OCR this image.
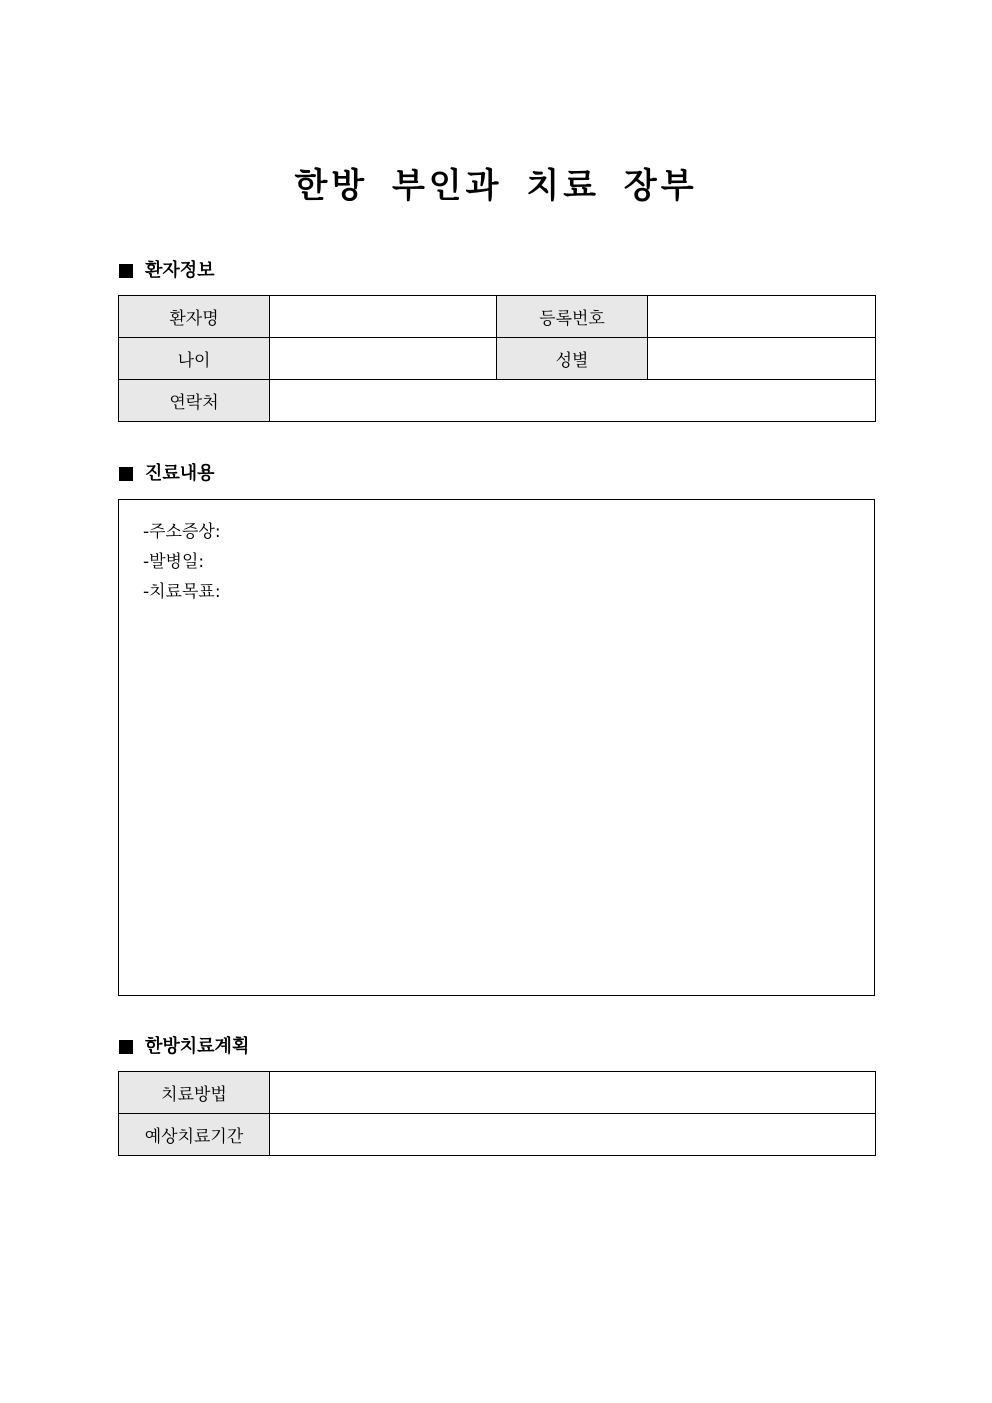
한방 부인과 치료 장부
환자정보
환자명		등록번호	
나이		성별	
연락처			
진료내용
-주소증상:
-발병일:
-치료목표:
한방치료계획
치료방법	
예상치료기간	
